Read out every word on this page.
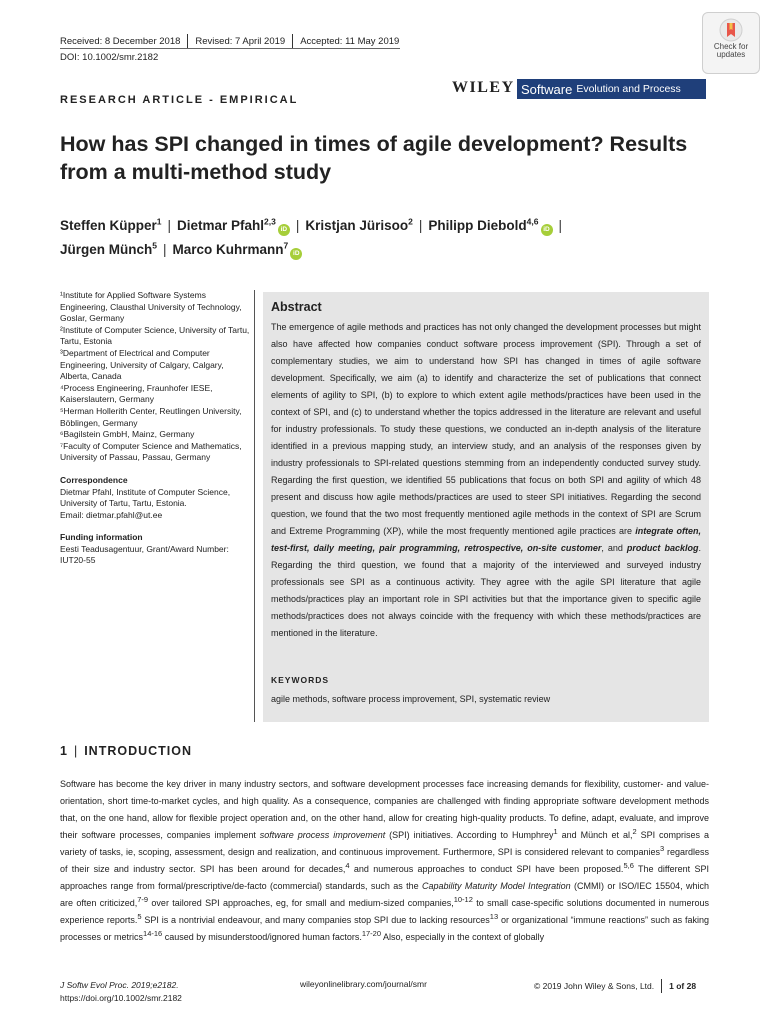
Received: 8 December 2018 Revised: 7 April 2019 Accepted: 11 May 2019
DOI: 10.1002/smr.2182
Check for
updates
RESEARCH ARTICLE - EMPIRICAL
WILEY Software Evolution and Process
How has SPI changed in times of agile development? Results from a multi-method study
Steffen Küpper$^1$ | Dietmar Pfahl$^{2,3}$iD | Kristjan Jürisoo$^2$ | Philipp Diebold$^{4,6}$iD |
Jürgen Münch$^5$ | Marco Kuhrmann$^7$iD
¹Institute for Applied Software Systems Engineering, Clausthal University of Technology, Goslar, Germany
²Institute of Computer Science, University of Tartu, Tartu, Estonia
³Department of Electrical and Computer Engineering, University of Calgary, Calgary, Alberta, Canada
⁴Process Engineering, Fraunhofer IESE, Kaiserslautern, Germany
⁵Herman Hollerith Center, Reutlingen University, Böblingen, Germany
⁶Bagilstein GmbH, Mainz, Germany
⁷Faculty of Computer Science and Mathematics, University of Passau, Passau, Germany
Correspondence
Dietmar Pfahl, Institute of Computer Science, University of Tartu, Tartu, Estonia.
Email: dietmar.pfahl@ut.ee
Funding information
Eesti Teadusagentuur, Grant/Award Number: IUT20-55
Abstract
The emergence of agile methods and practices has not only changed the development processes but might also have affected how companies conduct software process improvement (SPI). Through a set of complementary studies, we aim to understand how SPI has changed in times of agile software development. Specifically, we aim (a) to identify and characterize the set of publications that connect elements of agility to SPI, (b) to explore to which extent agile methods/practices have been used in the context of SPI, and (c) to understand whether the topics addressed in the literature are relevant and useful for industry professionals. To study these questions, we conducted an in-depth analysis of the literature identified in a previous mapping study, an interview study, and an analysis of the responses given by industry professionals to SPI-related questions stemming from an independently conducted survey study. Regarding the first question, we identified 55 publications that focus on both SPI and agility of which 48 present and discuss how agile methods/practices are used to steer SPI initiatives. Regarding the second question, we found that the two most frequently mentioned agile methods in the context of SPI are Scrum and Extreme Programming (XP), while the most frequently mentioned agile practices are integrate often, test-first, daily meeting, pair programming, retrospective, on-site customer, and product backlog. Regarding the third question, we found that a majority of the interviewed and surveyed industry professionals see SPI as a continuous activity. They agree with the agile SPI literature that agile methods/practices play an important role in SPI activities but that the importance given to specific agile methods/practices does not always coincide with the frequency with which these methods/practices are mentioned in the literature.
KEYWORDS
agile methods, software process improvement, SPI, systematic review
1 | INTRODUCTION
Software has become the key driver in many industry sectors, and software development processes face increasing demands for flexibility, customer- and value-orientation, short time-to-market cycles, and high quality. As a consequence, companies are challenged with finding appropriate software development methods that, on the one hand, allow for flexible project operation and, on the other hand, allow for creating high-quality products. To define, adapt, evaluate, and improve their software processes, companies implement software process improvement (SPI) initiatives. According to Humphrey$^1$ and Münch et al,$^2$ SPI comprises a variety of tasks, ie, scoping, assessment, design and realization, and continuous improvement. Furthermore, SPI is considered relevant to companies$^3$ regardless of their size and industry sector. SPI has been around for decades,$^4$ and numerous approaches to conduct SPI have been proposed.$^{5,6}$ The different SPI approaches range from formal/prescriptive/de-facto (commercial) standards, such as the Capability Maturity Model Integration (CMMI) or ISO/IEC 15504, which are often criticized,$^{7-9}$ over tailored SPI approaches, eg, for small and medium-sized companies,$^{10-12}$ to small case-specific solutions documented in numerous experience reports.$^5$ SPI is a nontrivial endeavour, and many companies stop SPI due to lacking resources$^{13}$ or organizational “immune reactions” such as faking processes or metrics$^{14-16}$ caused by misunderstood/ignored human factors.$^{17-20}$ Also, especially in the context of globally
J Softw Evol Proc. 2019;e2182.
https://doi.org/10.1002/smr.2182
wileyonlinelibrary.com/journal/smr	© 2019 John Wiley & Sons, Ltd. 1 of 28
